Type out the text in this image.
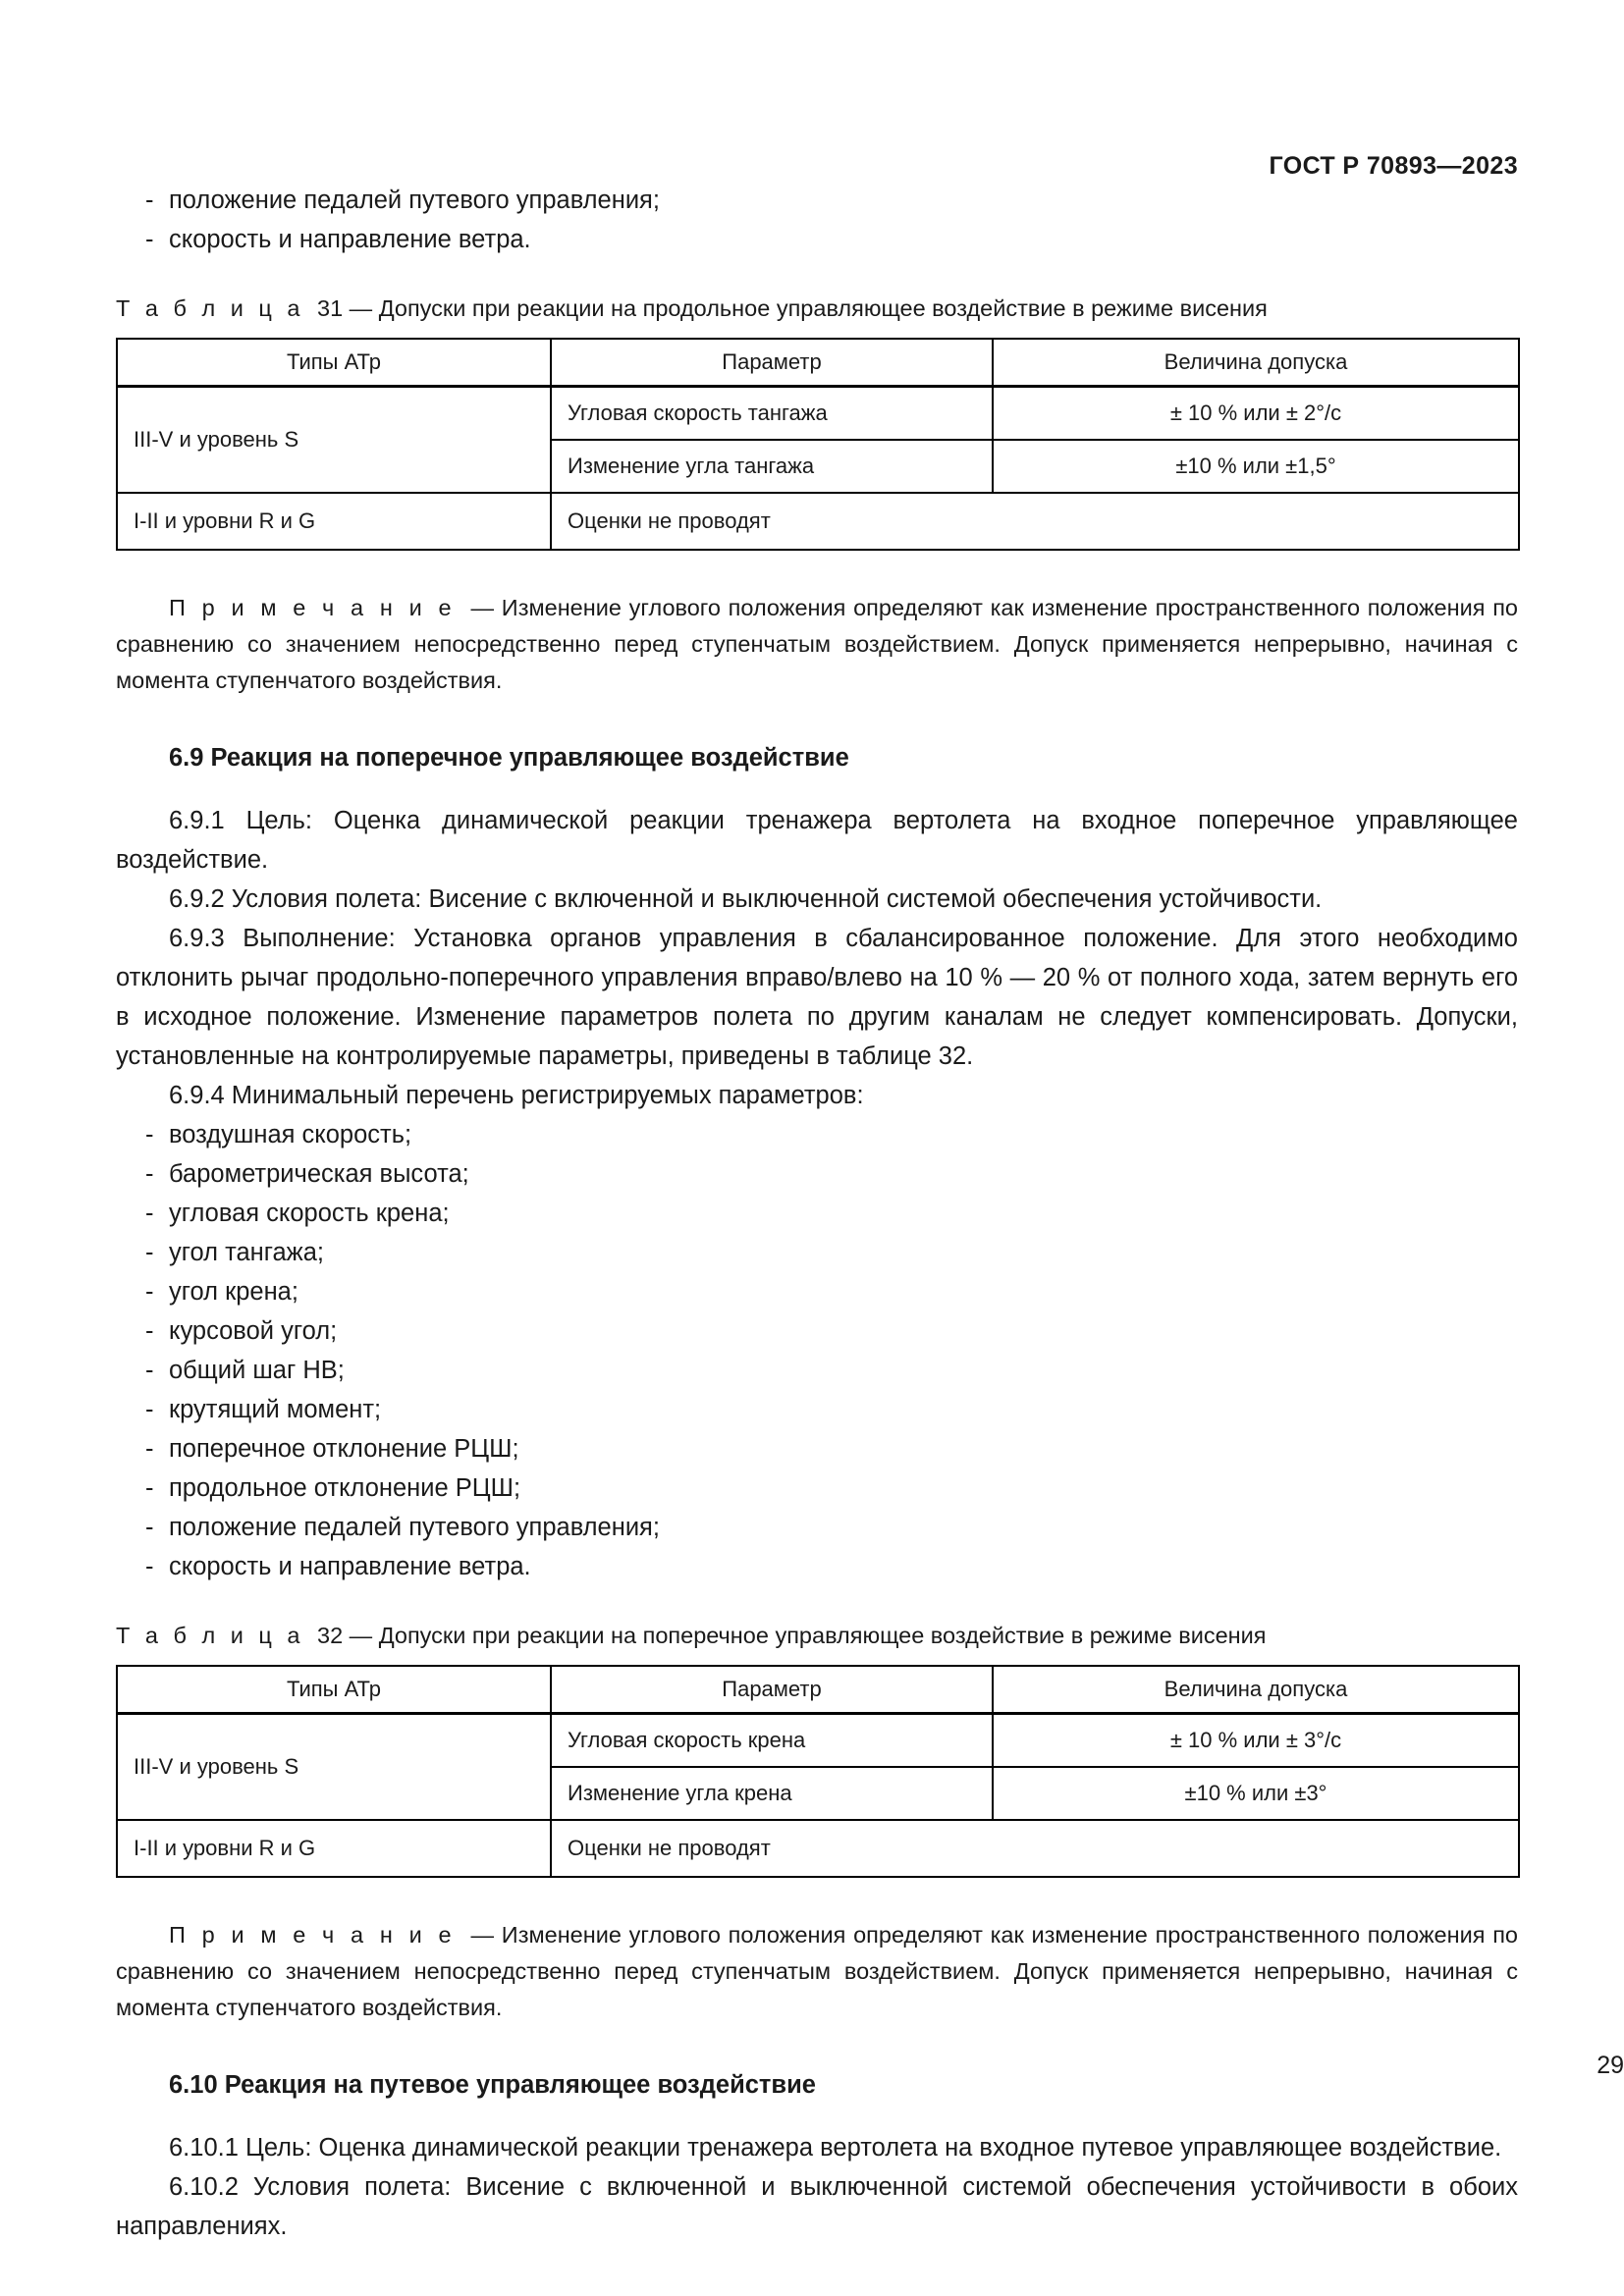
ГОСТ Р 70893—2023
- положение педалей путевого управления;
- скорость и направление ветра.

Т а б л и ц а 31 — Допуски при реакции на продольное управляющее воздействие в режиме висения

Типы АТр	Параметр	Величина допуска
III-V и уровень S	Угловая скорость тангажа	± 10 % или ± 2°/с
	Изменение угла тангажа	±10 % или ±1,5°
I-II и уровни R и G	Оценки не проводят	

П р и м е ч а н и е — Изменение углового положения определяют как изменение пространственного положения по сравнению со значением непосредственно перед ступенчатым воздействием. Допуск применяется непрерывно, начиная с момента ступенчатого воздействия.

6.9 Реакция на поперечное управляющее воздействие

6.9.1 Цель: Оценка динамической реакции тренажера вертолета на входное поперечное управляющее воздействие.

6.9.2 Условия полета: Висение с включенной и выключенной системой обеспечения устойчивости.

6.9.3 Выполнение: Установка органов управления в сбалансированное положение. Для этого необходимо отклонить рычаг продольно-поперечного управления вправо/влево на 10 % — 20 % от полного хода, затем вернуть его в исходное положение. Изменение параметров полета по другим каналам не следует компенсировать. Допуски, установленные на контролируемые параметры, приведены в таблице 32.

6.9.4 Минимальный перечень регистрируемых параметров:

- воздушная скорость;
- барометрическая высота;
- угловая скорость крена;
- угол тангажа;
- угол крена;
- курсовой угол;
- общий шаг НВ;
- крутящий момент;
- поперечное отклонение РЦШ;
- продольное отклонение РЦШ;
- положение педалей путевого управления;
- скорость и направление ветра.

Т а б л и ц а 32 — Допуски при реакции на поперечное управляющее воздействие в режиме висения

Типы АТр	Параметр	Величина допуска
III-V и уровень S	Угловая скорость крена	± 10 % или ± 3°/с
	Изменение угла крена	±10 % или ±3°
I-II и уровни R и G	Оценки не проводят	

П р и м е ч а н и е — Изменение углового положения определяют как изменение пространственного положения по сравнению со значением непосредственно перед ступенчатым воздействием. Допуск применяется непрерывно, начиная с момента ступенчатого воздействия.

6.10 Реакция на путевое управляющее воздействие

6.10.1 Цель: Оценка динамической реакции тренажера вертолета на входное путевое управляющее воздействие.

6.10.2 Условия полета: Висение с включенной и выключенной системой обеспечения устойчивости в обоих направлениях.

29
